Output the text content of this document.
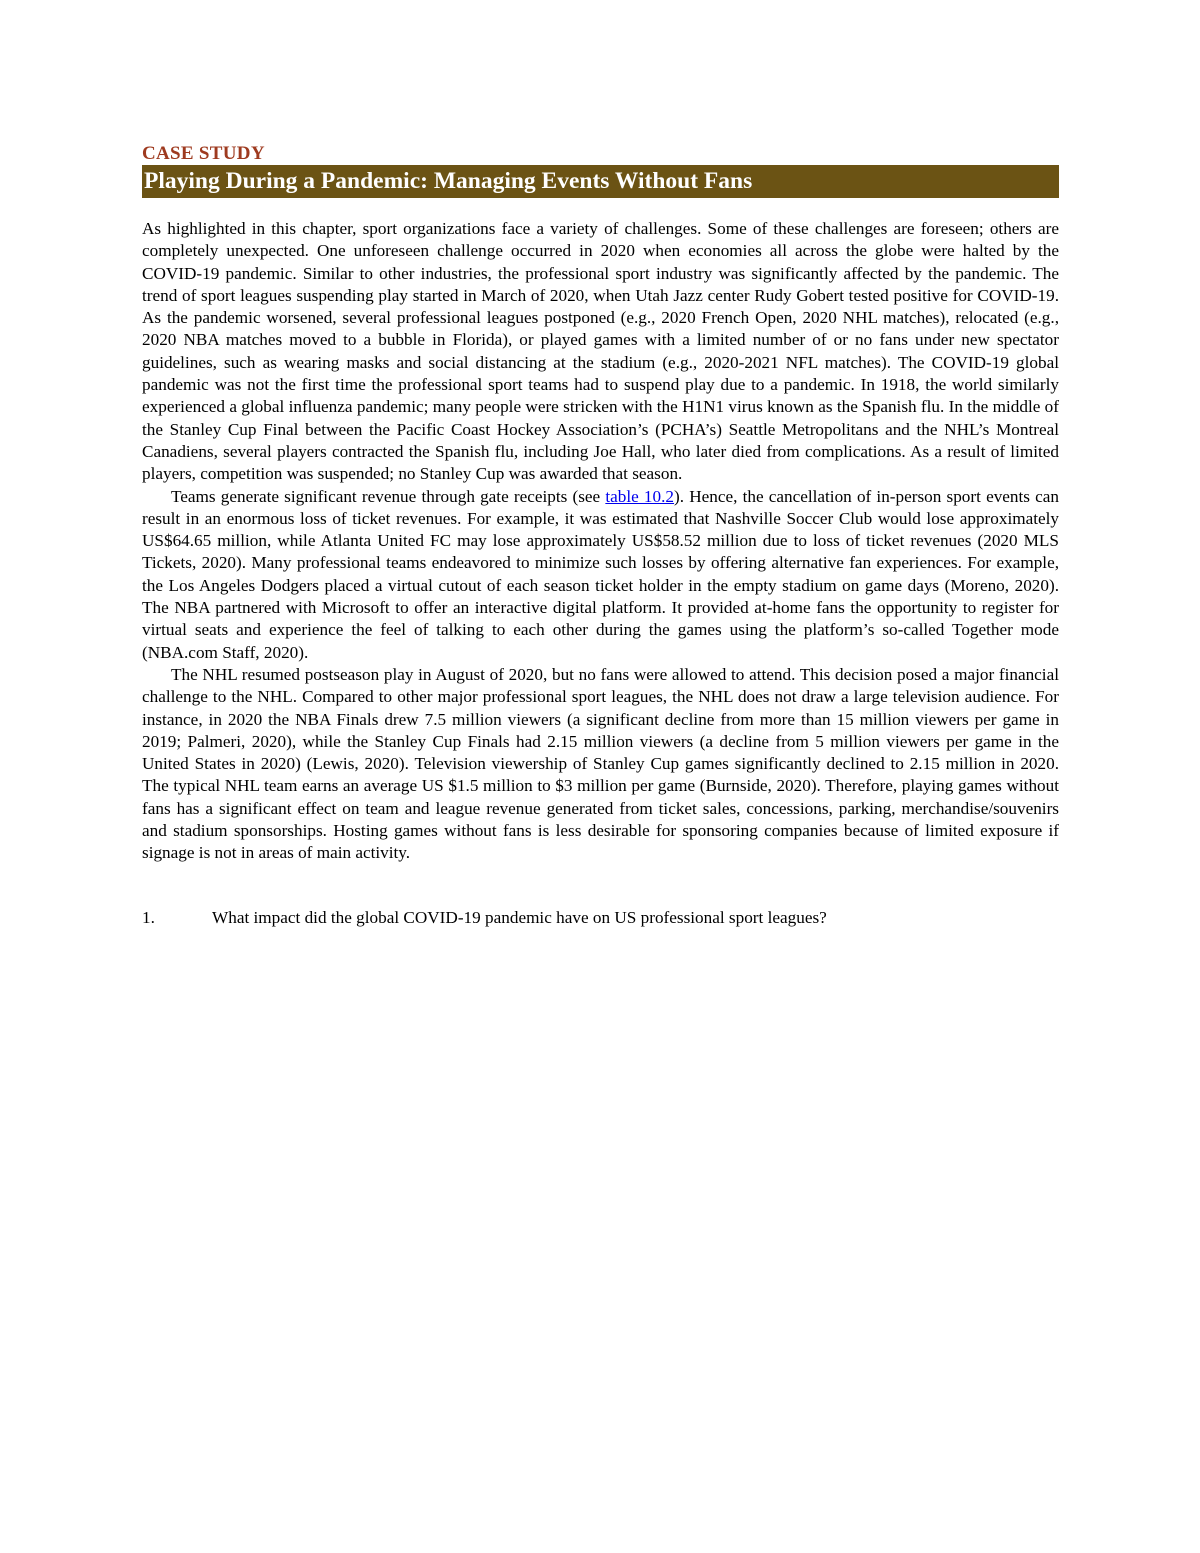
CASE STUDY
Playing During a Pandemic: Managing Events Without Fans

As highlighted in this chapter, sport organizations face a variety of challenges. Some of these challenges are foreseen; others are completely unexpected. One unforeseen challenge occurred in 2020 when economies all across the globe were halted by the COVID-19 pandemic. Similar to other industries, the professional sport industry was significantly affected by the pandemic. The trend of sport leagues suspending play started in March of 2020, when Utah Jazz center Rudy Gobert tested positive for COVID-19. As the pandemic worsened, several professional leagues postponed (e.g., 2020 French Open, 2020 NHL matches), relocated (e.g., 2020 NBA matches moved to a bubble in Florida), or played games with a limited number of or no fans under new spectator guidelines, such as wearing masks and social distancing at the stadium (e.g., 2020-2021 NFL matches). The COVID-19 global pandemic was not the first time the professional sport teams had to suspend play due to a pandemic. In 1918, the world similarly experienced a global influenza pandemic; many people were stricken with the H1N1 virus known as the Spanish flu. In the middle of the Stanley Cup Final between the Pacific Coast Hockey Association’s (PCHA’s) Seattle Metropolitans and the NHL’s Montreal Canadiens, several players contracted the Spanish flu, including Joe Hall, who later died from complications. As a result of limited players, competition was suspended; no Stanley Cup was awarded that season.

Teams generate significant revenue through gate receipts (see table 10.2). Hence, the cancellation of in-person sport events can result in an enormous loss of ticket revenues. For example, it was estimated that Nashville Soccer Club would lose approximately US$64.65 million, while Atlanta United FC may lose approximately US$58.52 million due to loss of ticket revenues (2020 MLS Tickets, 2020). Many professional teams endeavored to minimize such losses by offering alternative fan experiences. For example, the Los Angeles Dodgers placed a virtual cutout of each season ticket holder in the empty stadium on game days (Moreno, 2020). The NBA partnered with Microsoft to offer an interactive digital platform. It provided at-home fans the opportunity to register for virtual seats and experience the feel of talking to each other during the games using the platform’s so-called Together mode (NBA.com Staff, 2020).

The NHL resumed postseason play in August of 2020, but no fans were allowed to attend. This decision posed a major financial challenge to the NHL. Compared to other major professional sport leagues, the NHL does not draw a large television audience. For instance, in 2020 the NBA Finals drew 7.5 million viewers (a significant decline from more than 15 million viewers per game in 2019; Palmeri, 2020), while the Stanley Cup Finals had 2.15 million viewers (a decline from 5 million viewers per game in the United States in 2020) (Lewis, 2020). Television viewership of Stanley Cup games significantly declined to 2.15 million in 2020. The typical NHL team earns an average US $1.5 million to $3 million per game (Burnside, 2020). Therefore, playing games without fans has a significant effect on team and league revenue generated from ticket sales, concessions, parking, merchandise/souvenirs and stadium sponsorships. Hosting games without fans is less desirable for sponsoring companies because of limited exposure if signage is not in areas of main activity.

1.	What impact did the global COVID-19 pandemic have on US professional sport leagues?
